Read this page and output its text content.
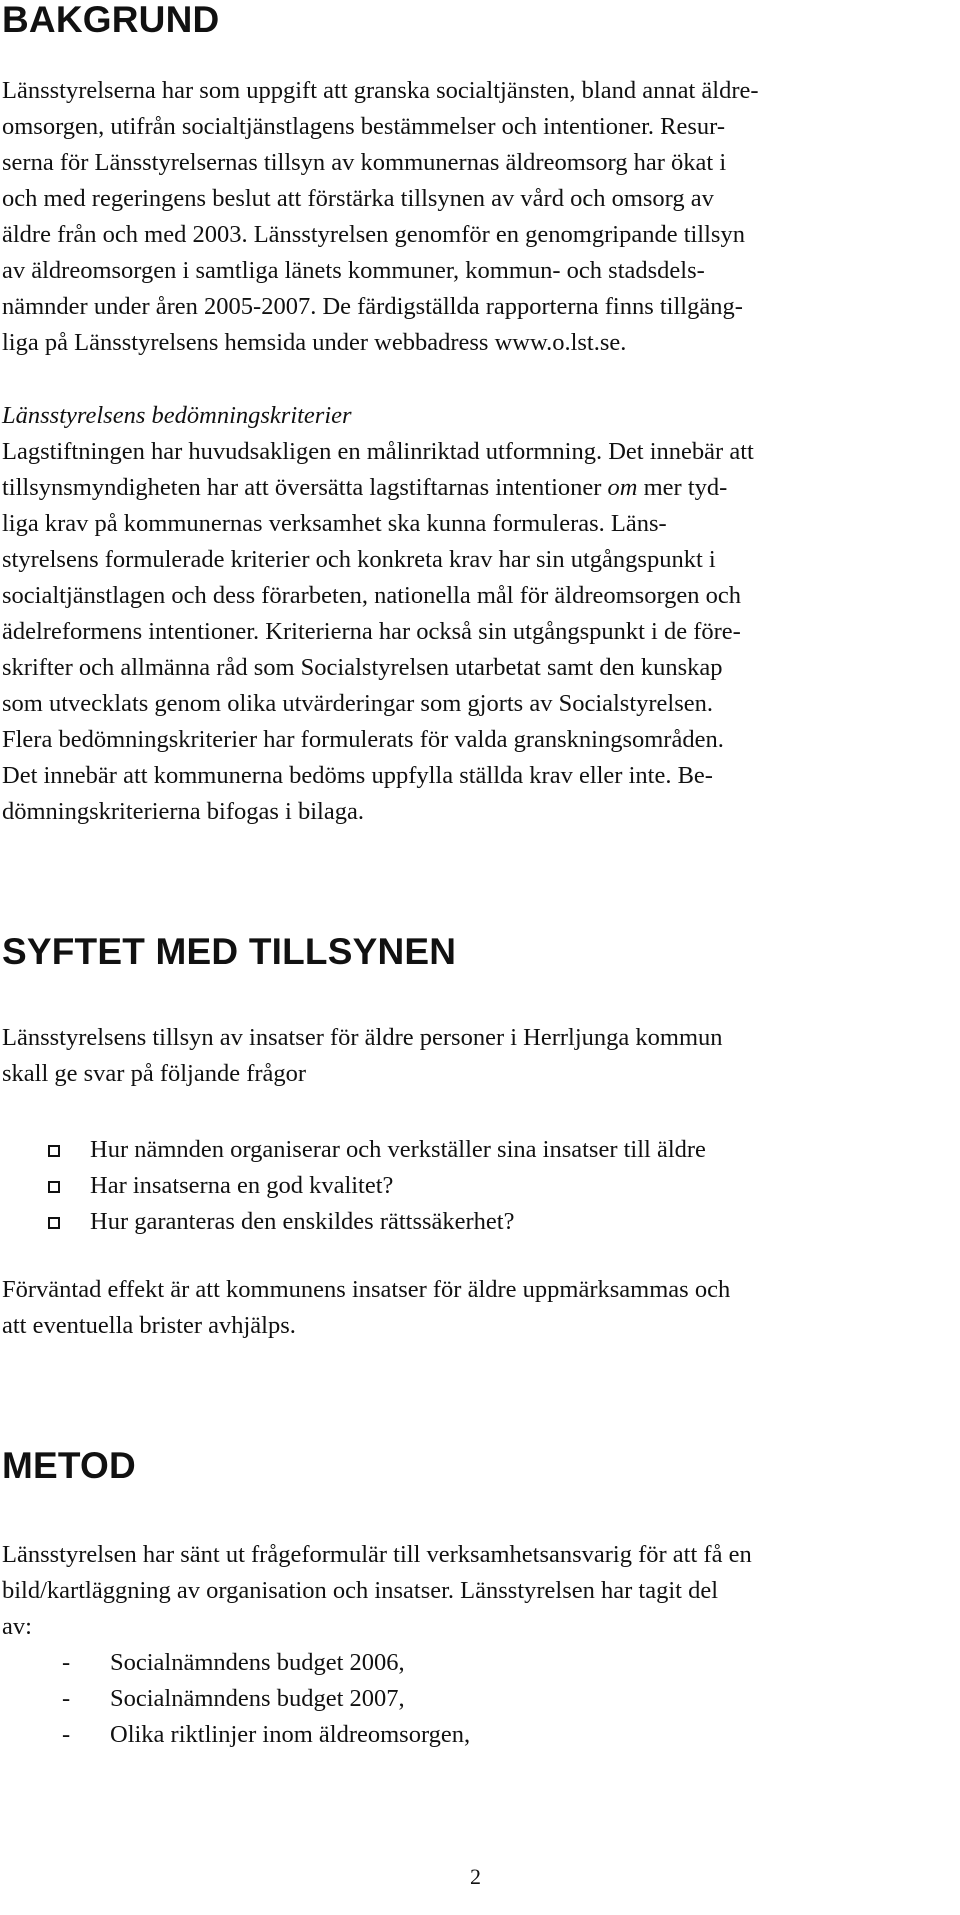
BAKGRUND
Länsstyrelserna har som uppgift att granska socialtjänsten, bland annat äldre-
omsorgen, utifrån socialtjänstlagens bestämmelser och intentioner. Resur-
serna för Länsstyrelsernas tillsyn av kommunernas äldreomsorg har ökat i
och med regeringens beslut att förstärka tillsynen av vård och omsorg av
äldre från och med 2003. Länsstyrelsen genomför en genomgripande tillsyn
av äldreomsorgen i samtliga länets kommuner, kommun- och stadsdels-
nämnder under åren 2005-2007. De färdigställda rapporterna finns tillgäng-
liga på Länsstyrelsens hemsida under webbadress www.o.lst.se.
Länsstyrelsens bedömningskriterier
Lagstiftningen har huvudsakligen en målinriktad utformning. Det innebär att
tillsynsmyndigheten har att översätta lagstiftarnas intentioner om mer tyd-
liga krav på kommunernas verksamhet ska kunna formuleras. Läns-
styrelsens formulerade kriterier och konkreta krav har sin utgångspunkt i
socialtjänstlagen och dess förarbeten, nationella mål för äldreomsorgen och
ädelreformens intentioner. Kriterierna har också sin utgångspunkt i de före-
skrifter och allmänna råd som Socialstyrelsen utarbetat samt den kunskap
som utvecklats genom olika utvärderingar som gjorts av Socialstyrelsen.
Flera bedömningskriterier har formulerats för valda granskningsområden.
Det innebär att kommunerna bedöms uppfylla ställda krav eller inte. Be-
dömningskriterierna bifogas i bilaga.
SYFTET MED TILLSYNEN
Länsstyrelsens tillsyn av insatser för äldre personer i Herrljunga kommun
skall ge svar på följande frågor
Hur nämnden organiserar och verkställer sina insatser till äldre
Har insatserna en god kvalitet?
Hur garanteras den enskildes rättssäkerhet?
Förväntad effekt är att kommunens insatser för äldre uppmärksammas och
att eventuella brister avhjälps.
METOD
Länsstyrelsen har sänt ut frågeformulär till verksamhetsansvarig för att få en
bild/kartläggning av organisation och insatser. Länsstyrelsen har tagit del
av:
-	Socialnämndens budget 2006,
-	Socialnämndens budget 2007,
-	Olika riktlinjer inom äldreomsorgen,
2
